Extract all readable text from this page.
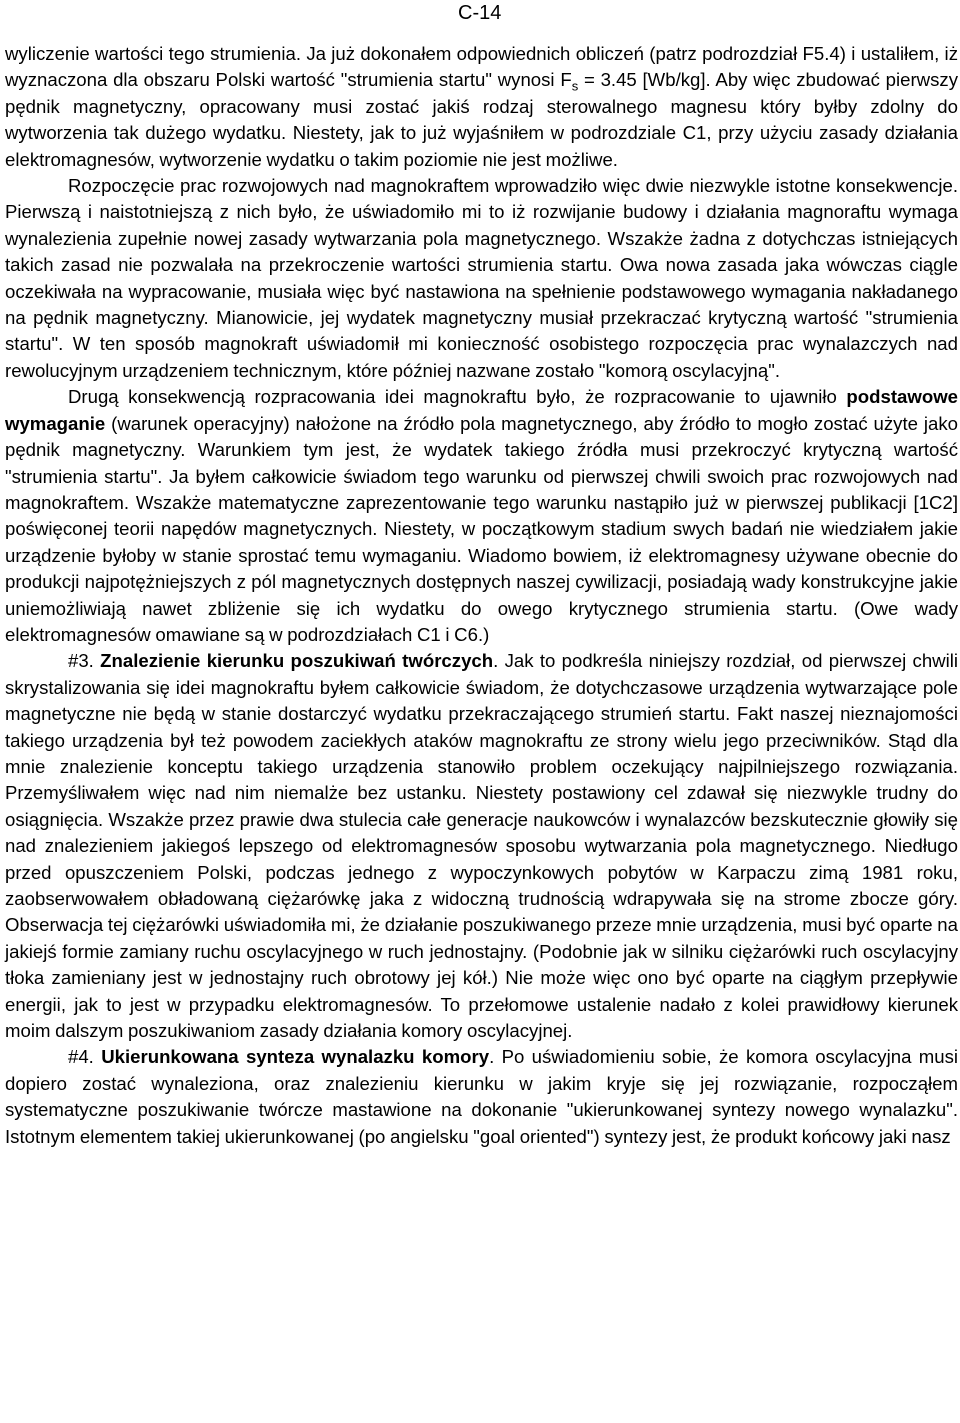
C-14

wyliczenie wartości tego strumienia. Ja już dokonałem odpowiednich obliczeń (patrz podrozdział F5.4) i ustaliłem, iż wyznaczona dla obszaru Polski wartość "strumienia startu" wynosi $F_s = 3.45$ [Wb/kg]. Aby więc zbudować pierwszy pędnik magnetyczny, opracowany musi zostać jakiś rodzaj sterowalnego magnesu który byłby zdolny do wytworzenia tak dużego wydatku. Niestety, jak to już wyjaśniłem w podrozdziale C1, przy użyciu zasady działania elektromagnesów, wytworzenie wydatku o takim poziomie nie jest możliwe.

Rozpoczęcie prac rozwojowych nad magnokraftem wprowadziło więc dwie niezwykle istotne konsekwencje. Pierwszą i naistotniejszą z nich było, że uświadomiło mi to iż rozwijanie budowy i działania magnoraftu wymaga wynalezienia zupełnie nowej zasady wytwarzania pola magnetycznego. Wszakże żadna z dotychczas istniejących takich zasad nie pozwalała na przekroczenie wartości strumienia startu. Owa nowa zasada jaka wówczas ciągle oczekiwała na wypracowanie, musiała więc być nastawiona na spełnienie podstawowego wymagania nakładanego na pędnik magnetyczny. Mianowicie, jej wydatek magnetyczny musiał przekraczać krytyczną wartość "strumienia startu". W ten sposób magnokraft uświadomił mi konieczność osobistego rozpoczęcia prac wynalazczych nad rewolucyjnym urządzeniem technicznym, które później nazwane zostało "komorą oscylacyjną".

Drugą konsekwencją rozpracowania idei magnokraftu było, że rozpracowanie to ujawniło podstawowe wymaganie (warunek operacyjny) nałożone na źródło pola magnetycznego, aby źródło to mogło zostać użyte jako pędnik magnetyczny. Warunkiem tym jest, że wydatek takiego źródła musi przekroczyć krytyczną wartość "strumienia startu". Ja byłem całkowicie świadom tego warunku od pierwszej chwili swoich prac rozwojowych nad magnokraftem. Wszakże matematyczne zaprezentowanie tego warunku nastąpiło już w pierwszej publikacji [1C2] poświęconej teorii napędów magnetycznych. Niestety, w początkowym stadium swych badań nie wiedziałem jakie urządzenie byłoby w stanie sprostać temu wymaganiu. Wiadomo bowiem, iż elektromagnesy używane obecnie do produkcji najpotężniejszych z pól magnetycznych dostępnych naszej cywilizacji, posiadają wady konstrukcyjne jakie uniemożliwiają nawet zbliżenie się ich wydatku do owego krytycznego strumienia startu. (Owe wady elektromagnesów omawiane są w podrozdziałach C1 i C6.)

#3. Znalezienie kierunku poszukiwań twórczych. Jak to podkreśla niniejszy rozdział, od pierwszej chwili skrystalizowania się idei magnokraftu byłem całkowicie świadom, że dotychczasowe urządzenia wytwarzające pole magnetyczne nie będą w stanie dostarczyć wydatku przekraczającego strumień startu. Fakt naszej nieznajomości takiego urządzenia był też powodem zaciekłych ataków magnokraftu ze strony wielu jego przeciwników. Stąd dla mnie znalezienie konceptu takiego urządzenia stanowiło problem oczekujący najpilniejszego rozwiązania. Przemyśliwałem więc nad nim niemalże bez ustanku. Niestety postawiony cel zdawał się niezwykle trudny do osiągnięcia. Wszakże przez prawie dwa stulecia całe generacje naukowców i wynalazców bezskutecznie głowiły się nad znalezieniem jakiegoś lepszego od elektromagnesów sposobu wytwarzania pola magnetycznego. Niedługo przed opuszczeniem Polski, podczas jednego z wypoczynkowych pobytów w Karpaczu zimą 1981 roku, zaobserwowałem obładowaną ciężarówkę jaka z widoczną trudnością wdrapywała się na strome zbocze góry. Obserwacja tej ciężarówki uświadomiła mi, że działanie poszukiwanego przeze mnie urządzenia, musi być oparte na jakiejś formie zamiany ruchu oscylacyjnego w ruch jednostajny. (Podobnie jak w silniku ciężarówki ruch oscylacyjny tłoka zamieniany jest w jednostajny ruch obrotowy jej kół.) Nie może więc ono być oparte na ciągłym przepływie energii, jak to jest w przypadku elektromagnesów. To przełomowe ustalenie nadało z kolei prawidłowy kierunek moim dalszym poszukiwaniom zasady działania komory oscylacyjnej.

#4. Ukierunkowana synteza wynalazku komory. Po uświadomieniu sobie, że komora oscylacyjna musi dopiero zostać wynaleziona, oraz znalezieniu kierunku w jakim kryje się jej rozwiązanie, rozpocząłem systematyczne poszukiwanie twórcze mastawione na dokonanie "ukierunkowanej syntezy nowego wynalazku". Istotnym elementem takiej ukierunkowanej (po angielsku "goal oriented") syntezy jest, że produkt końcowy jaki nasz
